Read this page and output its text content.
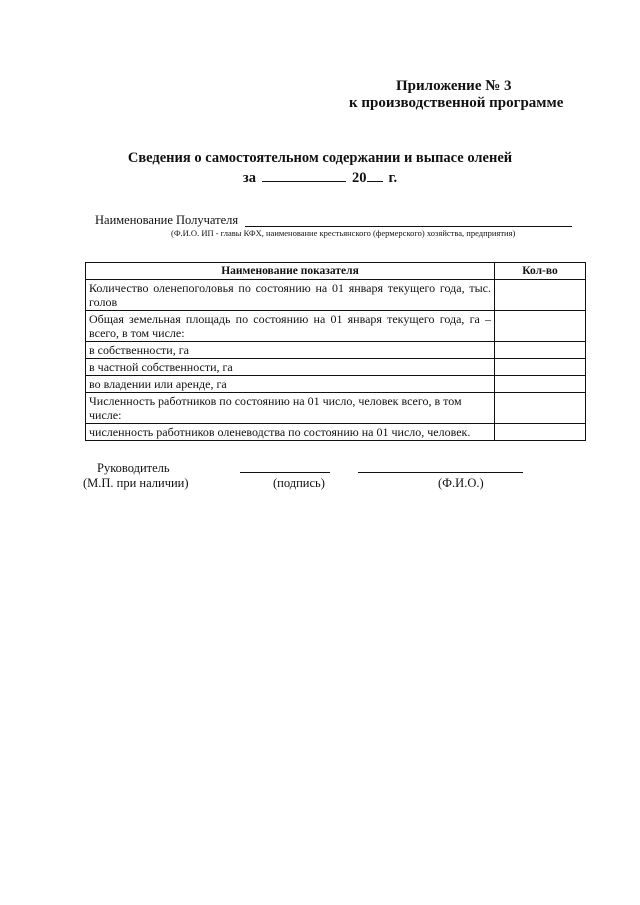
Приложение № 3
к производственной программе
Сведения о самостоятельном содержании и выпасе оленей
за	20 г.
Наименование Получателя
(Ф.И.О. ИП - главы КФХ, наименование крестьянского (фермерского) хозяйства, предприятия)
Наименование показателя	Кол-во
Количество оленепоголовья по состоянию на 01 января текущего года, тыс. голов	
Общая земельная площадь по состоянию на 01 января текущего года, га – всего, в том числе:	
в собственности, га	
в частной собственности, га	
во владении или аренде, га	
Численность работников по состоянию на 01 число, человек всего, в том числе:	
численность работников оленеводства по состоянию на 01 число, человек.	
Руководитель
(М.П. при наличии)	(подпись)	(Ф.И.О.)
